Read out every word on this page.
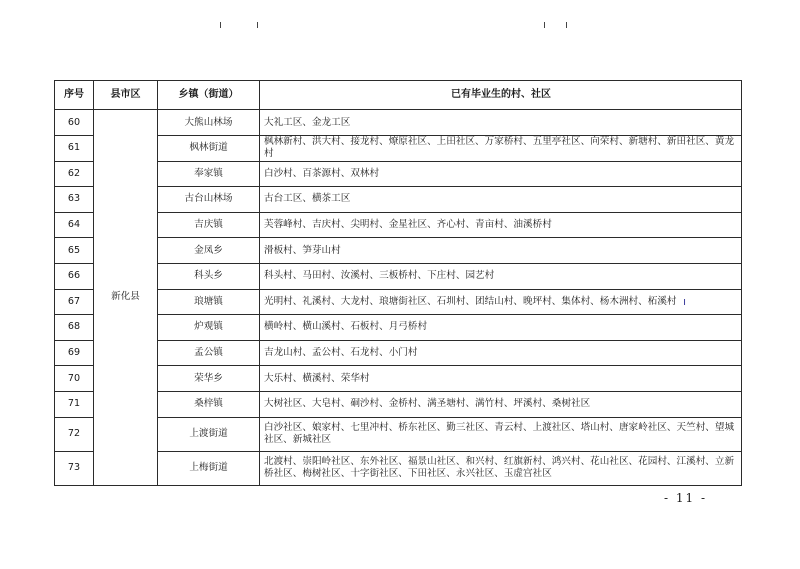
序号	县市区	乡镇（街道）	已有毕业生的村、社区
60	新化县	大熊山林场	大礼工区、金龙工区
61		枫林街道	枫林新村、洪大村、接龙村、燎原社区、上田社区、万家桥村、五里亭社区、向荣村、新塘村、新田社区、黄龙村
62		奉家镇	白沙村、百茶源村、双林村
63		古台山林场	古台工区、横茶工区
64		吉庆镇	芙蓉峰村、吉庆村、尖明村、金星社区、齐心村、青亩村、油溪桥村
65		金凤乡	滑板村、笋芽山村
66		科头乡	科头村、马田村、汝溪村、三板桥村、下庄村、园艺村
67		琅塘镇	光明村、礼溪村、大龙村、琅塘街社区、石圳村、团结山村、晚坪村、集体村、杨木洲村、柘溪村
68		炉观镇	横岭村、横山溪村、石板村、月弓桥村
69		孟公镇	吉龙山村、孟公村、石龙村、小门村
70		荣华乡	大乐村、横溪村、荣华村
71		桑梓镇	大树社区、大皂村、硐沙村、金桥村、满圣塘村、满竹村、坪溪村、桑树社区
72		上渡街道	白沙社区、娘家村、七里冲村、桥东社区、勤三社区、青云村、上渡社区、塔山村、唐家岭社区、天竺村、望城社区、新城社区
73		上梅街道	北渡村、崇阳岭社区、东外社区、福景山社区、和兴村、红旗新村、鸿兴村、花山社区、花园村、江溪村、立新桥社区、梅树社区、十字街社区、下田社区、永兴社区、玉虚宫社区
ı
- 11 -
